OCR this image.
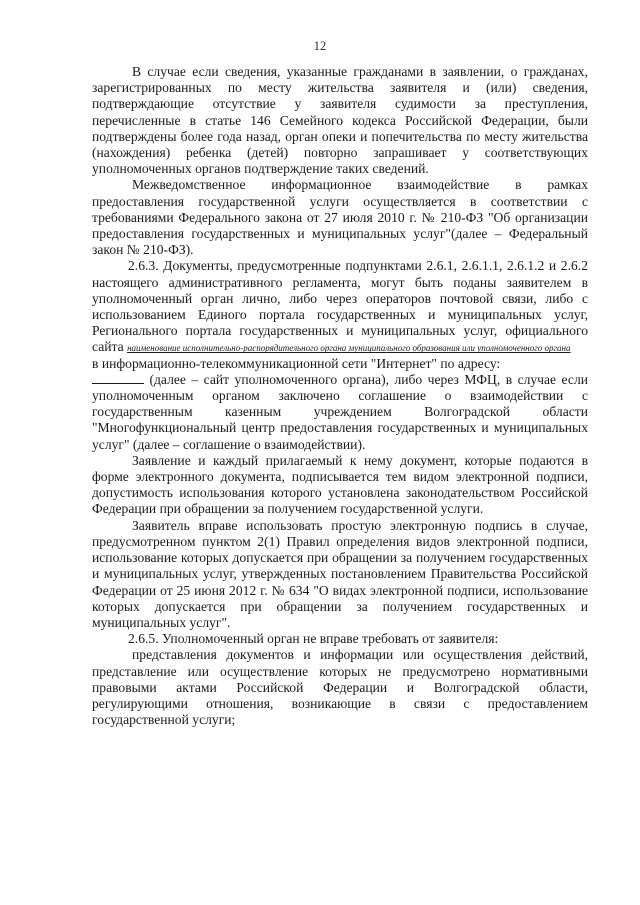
12

В случае если сведения, указанные гражданами в заявлении, о гражданах, зарегистрированных по месту жительства заявителя и (или) сведения, подтверждающие отсутствие у заявителя судимости за преступления, перечисленные в статье 146 Семейного кодекса Российской Федерации, были подтверждены более года назад, орган опеки и попечительства по месту жительства (нахождения) ребенка (детей) повторно запрашивает у соответствующих уполномоченных органов подтверждение таких сведений.

Межведомственное информационное взаимодействие в рамках предоставления государственной услуги осуществляется в соответствии с требованиями Федерального закона от 27 июля 2010 г. № 210-ФЗ "Об организации предоставления государственных и муниципальных услуг"(далее – Федеральный закон № 210-ФЗ).

2.6.3. Документы, предусмотренные подпунктами 2.6.1, 2.6.1.1, 2.6.1.2 и 2.6.2 настоящего административного регламента, могут быть поданы заявителем в уполномоченный орган лично, либо через операторов почтовой связи, либо с использованием Единого портала государственных и муниципальных услуг, Регионального портала государственных и муниципальных услуг, официального сайта наименование исполнительно-распорядительного органа муниципального образования или уполномоченного органа

в информационно-телекоммуникационной сети "Интернет" по адресу:

(далее – сайт уполномоченного органа), либо через МФЦ, в случае если уполномоченным органом заключено соглашение о взаимодействии с государственным казенным учреждением Волгоградской области "Многофункциональный центр предоставления государственных и муниципальных услуг" (далее – соглашение о взаимодействии).

Заявление и каждый прилагаемый к нему документ, которые подаются в форме электронного документа, подписывается тем видом электронной подписи, допустимость использования которого установлена законодательством Российской Федерации при обращении за получением государственной услуги.

Заявитель вправе использовать простую электронную подпись в случае, предусмотренном пунктом 2(1) Правил определения видов электронной подписи, использование которых допускается при обращении за получением государственных и муниципальных услуг, утвержденных постановлением Правительства Российской Федерации от 25 июня 2012 г. № 634 "О видах электронной подписи, использование которых допускается при обращении за получением государственных и муниципальных услуг".

2.6.5. Уполномоченный орган не вправе требовать от заявителя:

представления документов и информации или осуществления действий, представление или осуществление которых не предусмотрено нормативными правовыми актами Российской Федерации и Волгоградской области, регулирующими отношения, возникающие в связи с предоставлением государственной услуги;
